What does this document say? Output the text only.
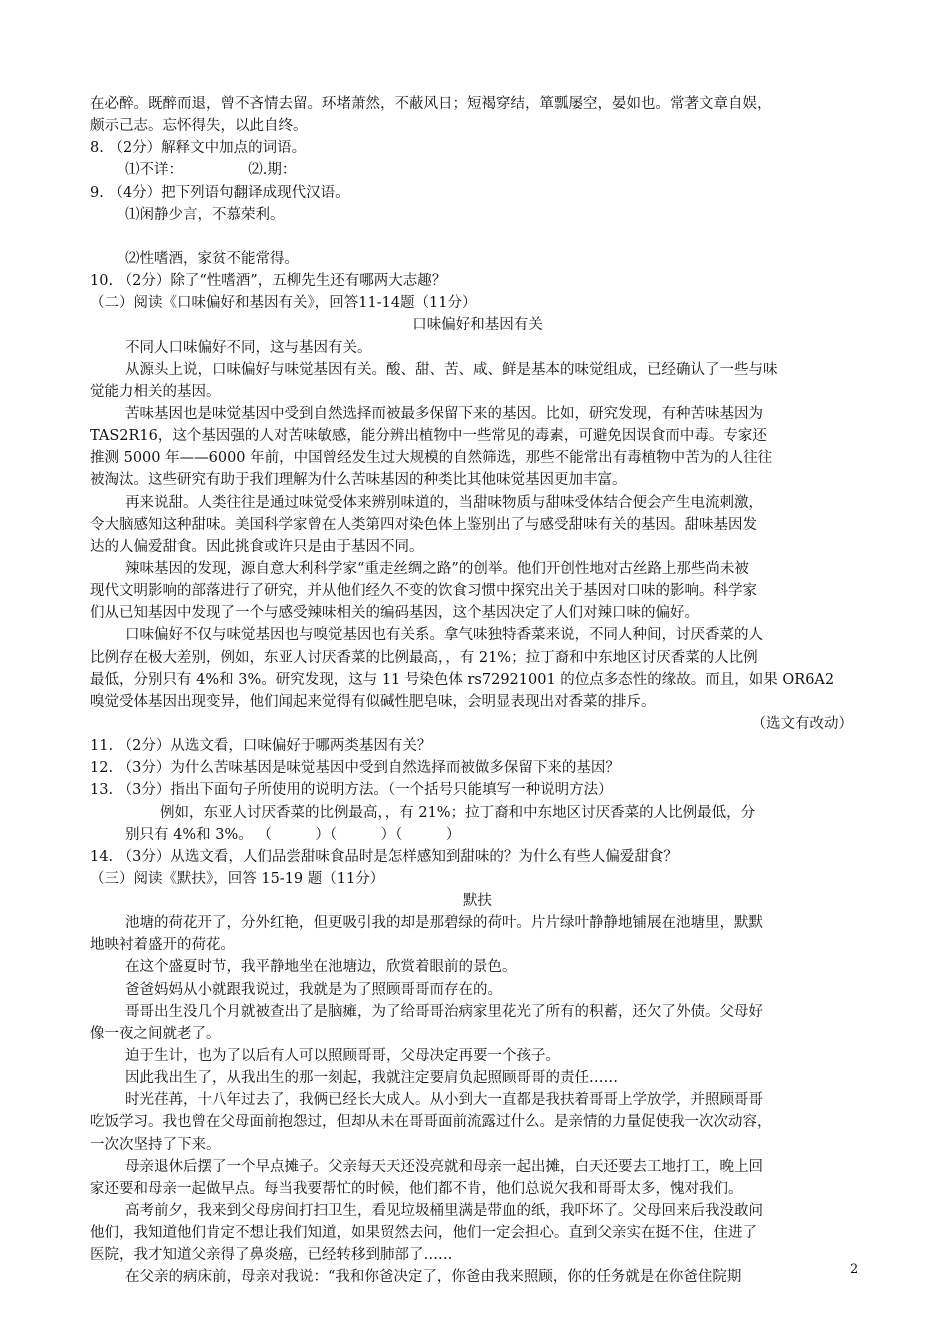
在必醉。既醉而退，曾不吝情去留。环堵萧然，不蔽风日；短褐穿结，箪瓢屡空，晏如也。常著文章自娱，
颇示己志。忘怀得失，以此自终。
8. （2分）解释文中加点的词语。
⑴不详：　　　　　⑵.期：
9. （4分）把下列语句翻译成现代汉语。
⑴闲静少言，不慕荣利。
⑵性嗜酒，家贫不能常得。
10. （2分）除了“性嗜酒”，五柳先生还有哪两大志趣？
（二）阅读《口味偏好和基因有关》，回答11-14题（11分）
口味偏好和基因有关
不同人口味偏好不同，这与基因有关。
从源头上说，口味偏好与味觉基因有关。酸、甜、苦、咸、鲜是基本的味觉组成，已经确认了一些与味
觉能力相关的基因。
苦味基因也是味觉基因中受到自然选择而被最多保留下来的基因。比如，研究发现，有种苦味基因为
TAS2R16，这个基因强的人对苦味敏感，能分辨出植物中一些常见的毒素，可避免因误食而中毒。专家还
推测 5000 年——6000 年前，中国曾经发生过大规模的自然筛选，那些不能常出有毒植物中苦为的人往往
被淘汰。这些研究有助于我们理解为什么苦味基因的种类比其他味觉基因更加丰富。
再来说甜。人类往往是通过味觉受体来辨别味道的，当甜味物质与甜味受体结合便会产生电流刺激，
令大脑感知这种甜味。美国科学家曾在人类第四对染色体上鉴别出了与感受甜味有关的基因。甜味基因发
达的人偏爱甜食。因此挑食或许只是由于基因不同。
辣味基因的发现，源自意大利科学家“重走丝绸之路”的创举。他们开创性地对古丝路上那些尚未被
现代文明影响的部落进行了研究，并从他们经久不变的饮食习惯中探究出关于基因对口味的影响。科学家
们从已知基因中发现了一个与感受辣味相关的编码基因，这个基因决定了人们对辣口味的偏好。
口味偏好不仅与味觉基因也与嗅觉基因也有关系。拿气味独特香菜来说，不同人种间，讨厌香菜的人
比例存在极大差别，例如，东亚人讨厌香菜的比例最高，，有 21%；拉丁裔和中东地区讨厌香菜的人比例
最低，分别只有 4%和 3%。研究发现，这与 11 号染色体 rs72921001 的位点多态性的缘故。而且，如果 OR6A2
嗅觉受体基因出现变异，他们闻起来觉得有似碱性肥皂味，会明显表现出对香菜的排斥。
（选文有改动）
11. （2分）从选文看，口味偏好于哪两类基因有关？
12. （3分）为什么苦味基因是味觉基因中受到自然选择而被做多保留下来的基因？
13. （3分）指出下面句子所使用的说明方法。（一个括号只能填写一种说明方法）
例如，东亚人讨厌香菜的比例最高，，有 21%；拉丁裔和中东地区讨厌香菜的人比例最低，分
别只有 4%和 3%。 （　　　）（　　　）（　　　）
14. （3分）从选文看，人们品尝甜味食品时是怎样感知到甜味的？为什么有些人偏爱甜食？
（三）阅读《默扶》，回答 15-19 题（11分）
默扶
池塘的荷花开了，分外红艳，但更吸引我的却是那碧绿的荷叶。片片绿叶静静地铺展在池塘里，默默
地映衬着盛开的荷花。
在这个盛夏时节，我平静地坐在池塘边，欣赏着眼前的景色。
爸爸妈妈从小就跟我说过，我就是为了照顾哥哥而存在的。
哥哥出生没几个月就被查出了是脑瘫，为了给哥哥治病家里花光了所有的积蓄，还欠了外债。父母好
像一夜之间就老了。
迫于生计，也为了以后有人可以照顾哥哥，父母决定再要一个孩子。
因此我出生了，从我出生的那一刻起，我就注定要肩负起照顾哥哥的责任……
时光荏苒，十八年过去了，我俩已经长大成人。从小到大一直都是我扶着哥哥上学放学，并照顾哥哥
吃饭学习。我也曾在父母面前抱怨过，但却从未在哥哥面前流露过什么。是亲情的力量促使我一次次动容，
一次次坚持了下来。
母亲退休后摆了一个早点摊子。父亲每天天还没亮就和母亲一起出摊，白天还要去工地打工，晚上回
家还要和母亲一起做早点。每当我要帮忙的时候，他们都不肯，他们总说欠我和哥哥太多，愧对我们。
高考前夕，我来到父母房间打扫卫生，看见垃圾桶里满是带血的纸，我吓坏了。父母回来后我没敢问
他们，我知道他们肯定不想让我们知道，如果贸然去问，他们一定会担心。直到父亲实在挺不住，住进了
医院，我才知道父亲得了鼻炎癌，已经转移到肺部了……
在父亲的病床前，母亲对我说：“我和你爸决定了，你爸由我来照顾，你的任务就是在你爸住院期	2
